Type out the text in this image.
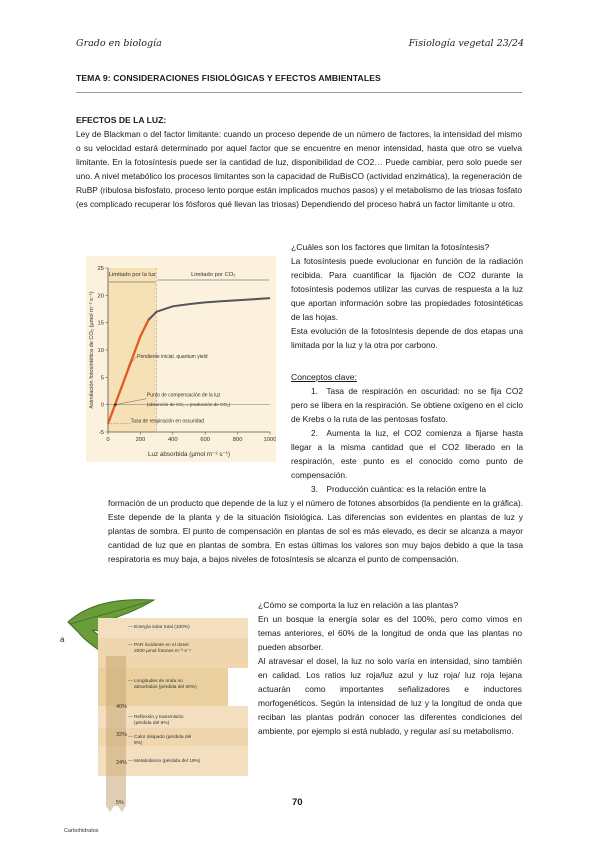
Grado en biología	Fisiología vegetal 23/24
TEMA 9: CONSIDERACIONES FISIOLÓGICAS Y EFECTOS AMBIENTALES
EFECTOS DE LA LUZ:

Ley de Blackman o del factor limitante: cuando un proceso depende de un número de factores, la intensidad del mismo o su velocidad estará determinado por aquel factor que se encuentre en menor intensidad, hasta que otro se vuelva limitante. En la fotosíntesis puede ser la cantidad de luz, disponibilidad de CO2… Puede cambiar, pero solo puede ser uno. A nivel metabólico los procesos limitantes son la capacidad de RuBisCO (actividad enzimática), la regeneración de RuBP (ribulosa bisfosfato, proceso lento porque están implicados muchos pasos) y el metabolismo de las triosas fosfato (es complicado recuperar los fósforos qué llevan las triosas) Dependiendo del proceso habrá un factor limitante u otro.

0	200	400	600	800	1000
-5
0
5
10
15
20
25
Limitado por la luz	Limitado por CO₂
Pendiente inicial, quantum yield
Punto de compensación de la luz
(absorción de CO₂ = producción de CO₂)
Tasa de respiración en oscuridad
Asimilación fotosintética de CO₂ (µmol m⁻² s⁻¹)
Luz absorbida (µmol m⁻² s⁻¹)
¿Cuáles son los factores que limitan la fotosíntesis?

La fotosíntesis puede evolucionar en función de la radiación recibida. Para cuantificar la fijación de CO2 durante la fotosíntesis podemos utilizar las curvas de respuesta a la luz que aportan información sobre las propiedades fotosintéticas de las hojas.

Esta evolución de la fotosíntesis depende de dos etapas una limitada por la luz y la otra por carbono.

Conceptos clave:

1. Tasa de respiración en oscuridad: no se fija CO2 pero se libera en la respiración. Se obtiene oxígeno en el ciclo de Krebs o la ruta de las pentosas fosfato.

2. Aumenta la luz, el CO2 comienza a fijarse hasta llegar a la misma cantidad que el CO2 liberado en la respiración, este punto es el conocido como punto de compensación.

3. Producción cuántica: es la relación entre la

formación de un producto que depende de la luz y el número de fotones absorbidos (la pendiente en la gráfica). Este depende de la planta y de la situación fisiológica. Las diferencias son evidentes en plantas de luz y plantas de sombra. El punto de compensación en plantas de sol es más elevado, es decir se alcanza a mayor cantidad de luz que en plantas de sombra. En estas últimas los valores son muy bajos debido a que la tasa respiratoria es muy baja, a bajos niveles de fotosíntesis se alcanza el punto de compensación.

a
Energía solar total (100%)
PAR incidente en el dosel 2000 µmol fotones m⁻² s⁻¹
Longitudes de onda no absorbidas (pérdida del 60%)
Reflexión y transmisión (pérdida del 8%)
Calor disipado (pérdida del 8%)
Metabolismo (pérdida del 19%)
40%
32%
24%
5%
Carbohidratos
¿Cómo se comporta la luz en relación a las plantas?

En un bosque la energía solar es del 100%, pero como vimos en temas anteriores, el 60% de la longitud de onda que las plantas no pueden absorber.

Al atravesar el dosel, la luz no solo varía en intensidad, sino también en calidad. Los ratios luz roja/luz azul y luz roja/ luz roja lejana actuarán como importantes señalizadores e inductores morfogenéticos. Según la intensidad de luz y la longitud de onda que reciban las plantas podrán conocer las diferentes condiciones del ambiente, por ejemplo si está nublado, y regular así su metabolismo.

70
